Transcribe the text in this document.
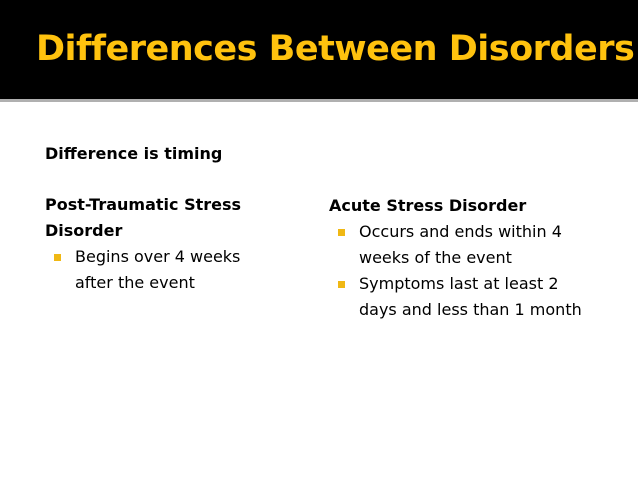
Differences Between Disorders
Difference is timing
Post-Traumatic Stress Disorder
Begins over 4 weeks after the event
Acute Stress Disorder
Occurs and ends within 4 weeks of the event
Symptoms last at least 2 days and less than 1 month
